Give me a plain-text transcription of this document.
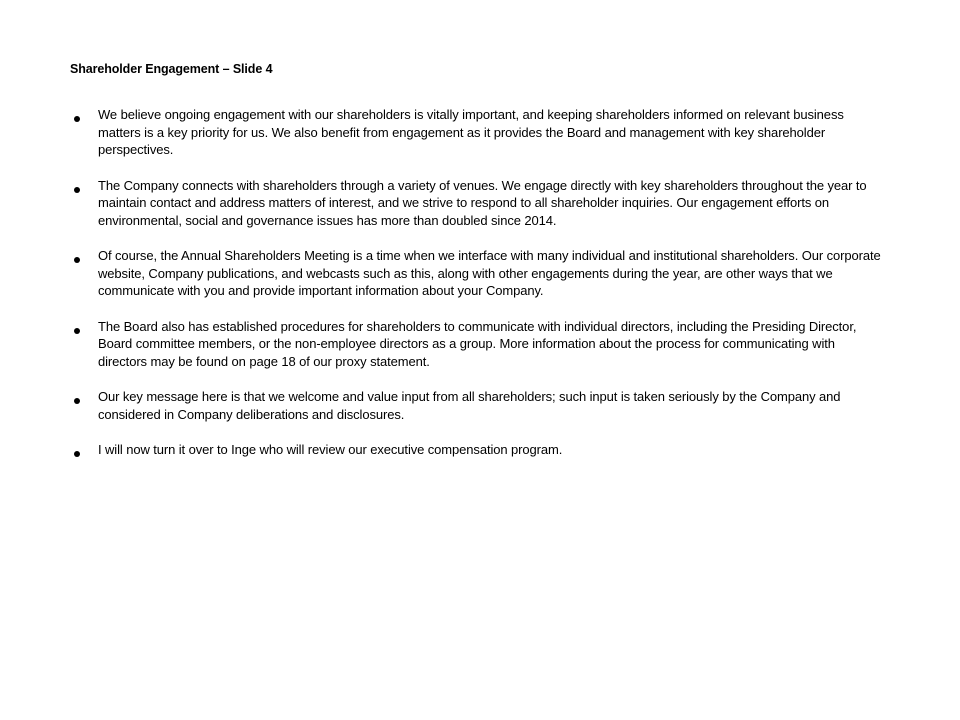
Shareholder Engagement – Slide 4
We believe ongoing engagement with our shareholders is vitally important, and keeping shareholders informed on relevant business matters is a key priority for us. We also benefit from engagement as it provides the Board and management with key shareholder perspectives.
The Company connects with shareholders through a variety of venues. We engage directly with key shareholders throughout the year to maintain contact and address matters of interest, and we strive to respond to all shareholder inquiries. Our engagement efforts on environmental, social and governance issues has more than doubled since 2014.
Of course, the Annual Shareholders Meeting is a time when we interface with many individual and institutional shareholders. Our corporate website, Company publications, and webcasts such as this, along with other engagements during the year, are other ways that we communicate with you and provide important information about your Company.
The Board also has established procedures for shareholders to communicate with individual directors, including the Presiding Director, Board committee members, or the non-employee directors as a group. More information about the process for communicating with directors may be found on page 18 of our proxy statement.
Our key message here is that we welcome and value input from all shareholders; such input is taken seriously by the Company and considered in Company deliberations and disclosures.
I will now turn it over to Inge who will review our executive compensation program.
